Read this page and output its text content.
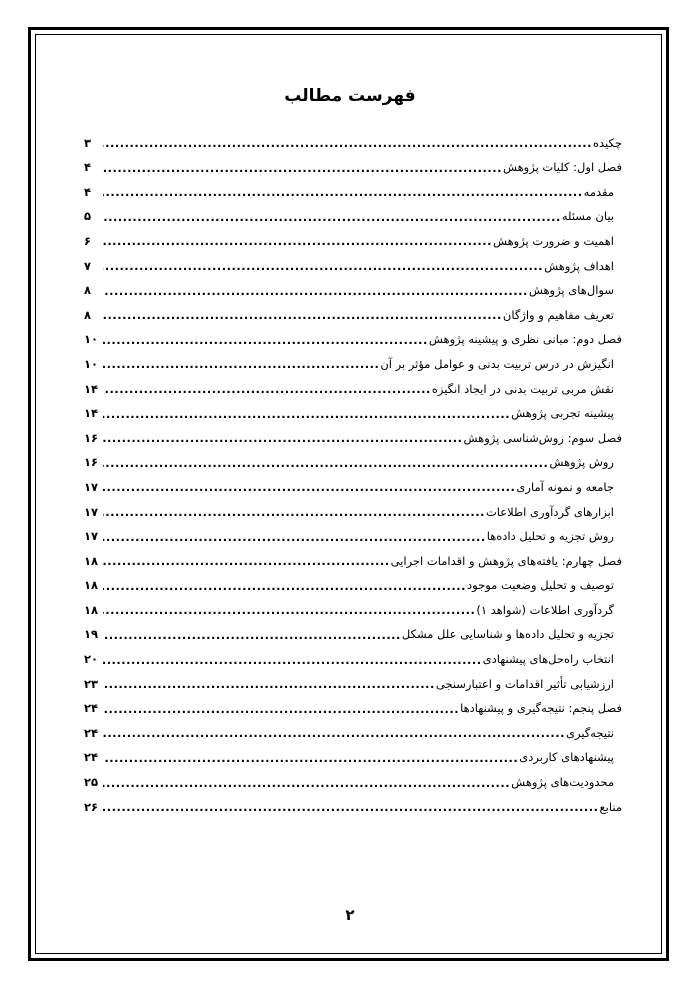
فهرست مطالب
چکیده
.....
۳
فصل اول: کلیات پژوهش
.....
۴
مقدمه
.....
۴
بیان مسئله
.....
۵
اهمیت و ضرورت پژوهش
.....
۶
اهداف پژوهش
.....
۷
سوال‌های پژوهش
.....
۸
تعریف مفاهیم و واژگان
.....
۸
فصل دوم: مبانی نظری و پیشینه پژوهش
.....
۱۰
انگیزش در درس تربیت بدنی و عوامل مؤثر بر آن
.....
۱۰
نقش مربی تربیت بدنی در ایجاد انگیزه
.....
۱۴
پیشینه تجربی پژوهش
.....
۱۴
فصل سوم: روش‌شناسی پژوهش
.....
۱۶
روش پژوهش
.....
۱۶
جامعه و نمونه آماری
.....
۱۷
ابزارهای گردآوری اطلاعات
.....
۱۷
روش تجزیه و تحلیل داده‌ها
.....
۱۷
فصل چهارم: یافته‌های پژوهش و اقدامات اجرایی
.....
۱۸
توصیف و تحلیل وضعیت موجود
.....
۱۸
گردآوری اطلاعات (شواهد ۱)
.....
۱۸
تجزیه و تحلیل داده‌ها و شناسایی علل مشکل
.....
۱۹
انتخاب راه‌حل‌های پیشنهادی
.....
۲۰
ارزشیابی تأثیر اقدامات و اعتبارسنجی
.....
۲۳
فصل پنجم: نتیجه‌گیری و پیشنهادها
.....
۲۴
نتیجه‌گیری
.....
۲۴
پیشنهادهای کاربردی
.....
۲۴
محدودیت‌های پژوهش
.....
۲۵
منابع
.....
۲۶
۲
